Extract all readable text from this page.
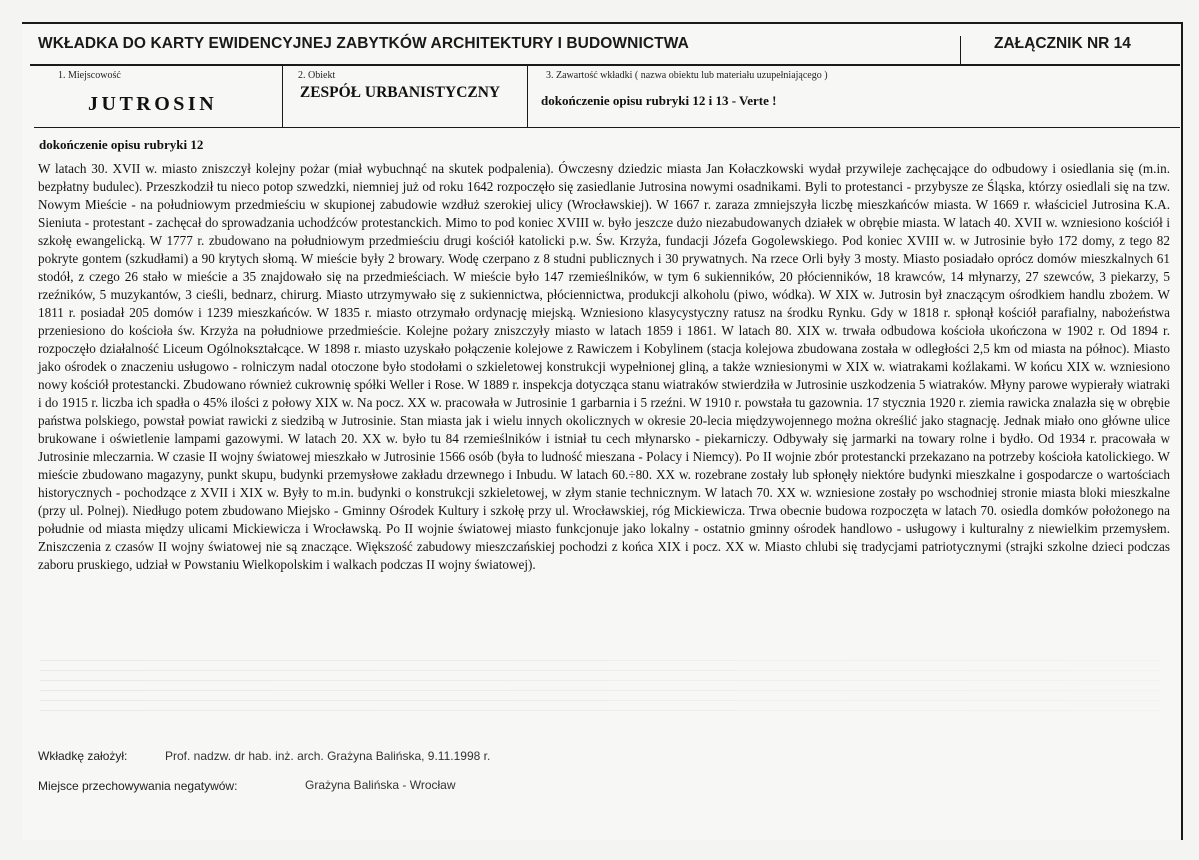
WKŁADKA DO KARTY EWIDENCYJNEJ ZABYTKÓW ARCHITEKTURY I BUDOWNICTWA	ZAŁĄCZNIK NR 14
1. Miejscowość
JUTROSIN
2. Obiekt
ZESPÓŁ URBANISTYCZNY
3. Zawartość wkładki ( nazwa obiektu lub materiału uzupełniającego )
dokończenie opisu rubryki 12 i 13 - Verte !
dokończenie opisu rubryki 12
W latach 30. XVII w. miasto zniszczył kolejny pożar (miał wybuchnąć na skutek podpalenia). Ówczesny dziedzic miasta Jan Kołaczkowski wydał przywileje zachęcające do odbudowy i osiedlania się (m.in. bezpłatny budulec). Przeszkodził tu nieco potop szwedzki, niemniej już od roku 1642 rozpoczęło się zasiedlanie Jutrosina nowymi osadnikami. Byli to protestanci - przybysze ze Śląska, którzy osiedlali się na tzw. Nowym Mieście - na południowym przedmieściu w skupionej zabudowie wzdłuż szerokiej ulicy (Wrocławskiej). W 1667 r. zaraza zmniejszyła liczbę mieszkańców miasta. W 1669 r. właściciel Jutrosina K.A. Sieniuta - protestant - zachęcał do sprowadzania uchodźców protestanckich. Mimo to pod koniec XVIII w. było jeszcze dużo niezabudowanych działek w obrębie miasta. W latach 40. XVII w. wzniesiono kościół i szkołę ewangelicką. W 1777 r. zbudowano na południowym przedmieściu drugi kościół katolicki p.w. Św. Krzyża, fundacji Józefa Gogolewskiego. Pod koniec XVIII w. w Jutrosinie było 172 domy, z tego 82 pokryte gontem (szkudłami) a 90 krytych słomą. W mieście były 2 browary. Wodę czerpano z 8 studni publicznych i 30 prywatnych. Na rzece Orli były 3 mosty. Miasto posiadało oprócz domów mieszkalnych 61 stodół, z czego 26 stało w mieście a 35 znajdowało się na przedmieściach. W mieście było 147 rzemieślników, w tym 6 sukienników, 20 płócienników, 18 krawców, 14 młynarzy, 27 szewców, 3 piekarzy, 5 rzeźników, 5 muzykantów, 3 cieśli, bednarz, chirurg. Miasto utrzymywało się z sukiennictwa, płóciennictwa, produkcji alkoholu (piwo, wódka). W XIX w. Jutrosin był znaczącym ośrodkiem handlu zbożem. W 1811 r. posiadał 205 domów i 1239 mieszkańców. W 1835 r. miasto otrzymało ordynację miejską. Wzniesiono klasycystyczny ratusz na środku Rynku. Gdy w 1818 r. spłonął kościół parafialny, nabożeństwa przeniesiono do kościoła św. Krzyża na południowe przedmieście. Kolejne pożary zniszczyły miasto w latach 1859 i 1861. W latach 80. XIX w. trwała odbudowa kościoła ukończona w 1902 r. Od 1894 r. rozpoczęło działalność Liceum Ogólnokształcące. W 1898 r. miasto uzyskało połączenie kolejowe z Rawiczem i Kobylinem (stacja kolejowa zbudowana została w odległości 2,5 km od miasta na północ). Miasto jako ośrodek o znaczeniu usługowo - rolniczym nadal otoczone było stodołami o szkieletowej konstrukcji wypełnionej gliną, a także wzniesionymi w XIX w. wiatrakami koźlakami. W końcu XIX w. wzniesiono nowy kościół protestancki. Zbudowano również cukrownię spółki Weller i Rose. W 1889 r. inspekcja dotycząca stanu wiatraków stwierdziła w Jutrosinie uszkodzenia 5 wiatraków. Młyny parowe wypierały wiatraki i do 1915 r. liczba ich spadła o 45% ilości z połowy XIX w. Na pocz. XX w. pracowała w Jutrosinie 1 garbarnia i 5 rzeźni. W 1910 r. powstała tu gazownia. 17 stycznia 1920 r. ziemia rawicka znalazła się w obrębie państwa polskiego, powstał powiat rawicki z siedzibą w Jutrosinie. Stan miasta jak i wielu innych okolicznych w okresie 20-lecia międzywojennego można określić jako stagnację. Jednak miało ono główne ulice brukowane i oświetlenie lampami gazowymi. W latach 20. XX w. było tu 84 rzemieślników i istniał tu cech młynarsko - piekarniczy. Odbywały się jarmarki na towary rolne i bydło. Od 1934 r. pracowała w Jutrosinie mleczarnia. W czasie II wojny światowej mieszkało w Jutrosinie 1566 osób (była to ludność mieszana - Polacy i Niemcy). Po II wojnie zbór protestancki przekazano na potrzeby kościoła katolickiego. W mieście zbudowano magazyny, punkt skupu, budynki przemysłowe zakładu drzewnego i Inbudu. W latach 60.÷80. XX w. rozebrane zostały lub spłonęły niektóre budynki mieszkalne i gospodarcze o wartościach historycznych - pochodzące z XVII i XIX w. Były to m.in. budynki o konstrukcji szkieletowej, w złym stanie technicznym. W latach 70. XX w. wzniesione zostały po wschodniej stronie miasta bloki mieszkalne (przy ul. Polnej). Niedługo potem zbudowano Miejsko - Gminny Ośrodek Kultury i szkołę przy ul. Wrocławskiej, róg Mickiewicza. Trwa obecnie budowa rozpoczęta w latach 70. osiedla domków położonego na południe od miasta między ulicami Mickiewicza i Wrocławską. Po II wojnie światowej miasto funkcjonuje jako lokalny - ostatnio gminny ośrodek handlowo - usługowy i kulturalny z niewielkim przemysłem. Zniszczenia z czasów II wojny światowej nie są znaczące. Większość zabudowy mieszczańskiej pochodzi z końca XIX i pocz. XX w. Miasto chlubi się tradycjami patriotycznymi (strajki szkolne dzieci podczas zaboru pruskiego, udział w Powstaniu Wielkopolskim i walkach podczas II wojny światowej).
Wkładkę założył:	Prof. nadzw. dr hab. inż. arch. Grażyna Balińska, 9.11.1998 r.
Miejsce przechowywania negatywów:	Grażyna Balińska - Wrocław
